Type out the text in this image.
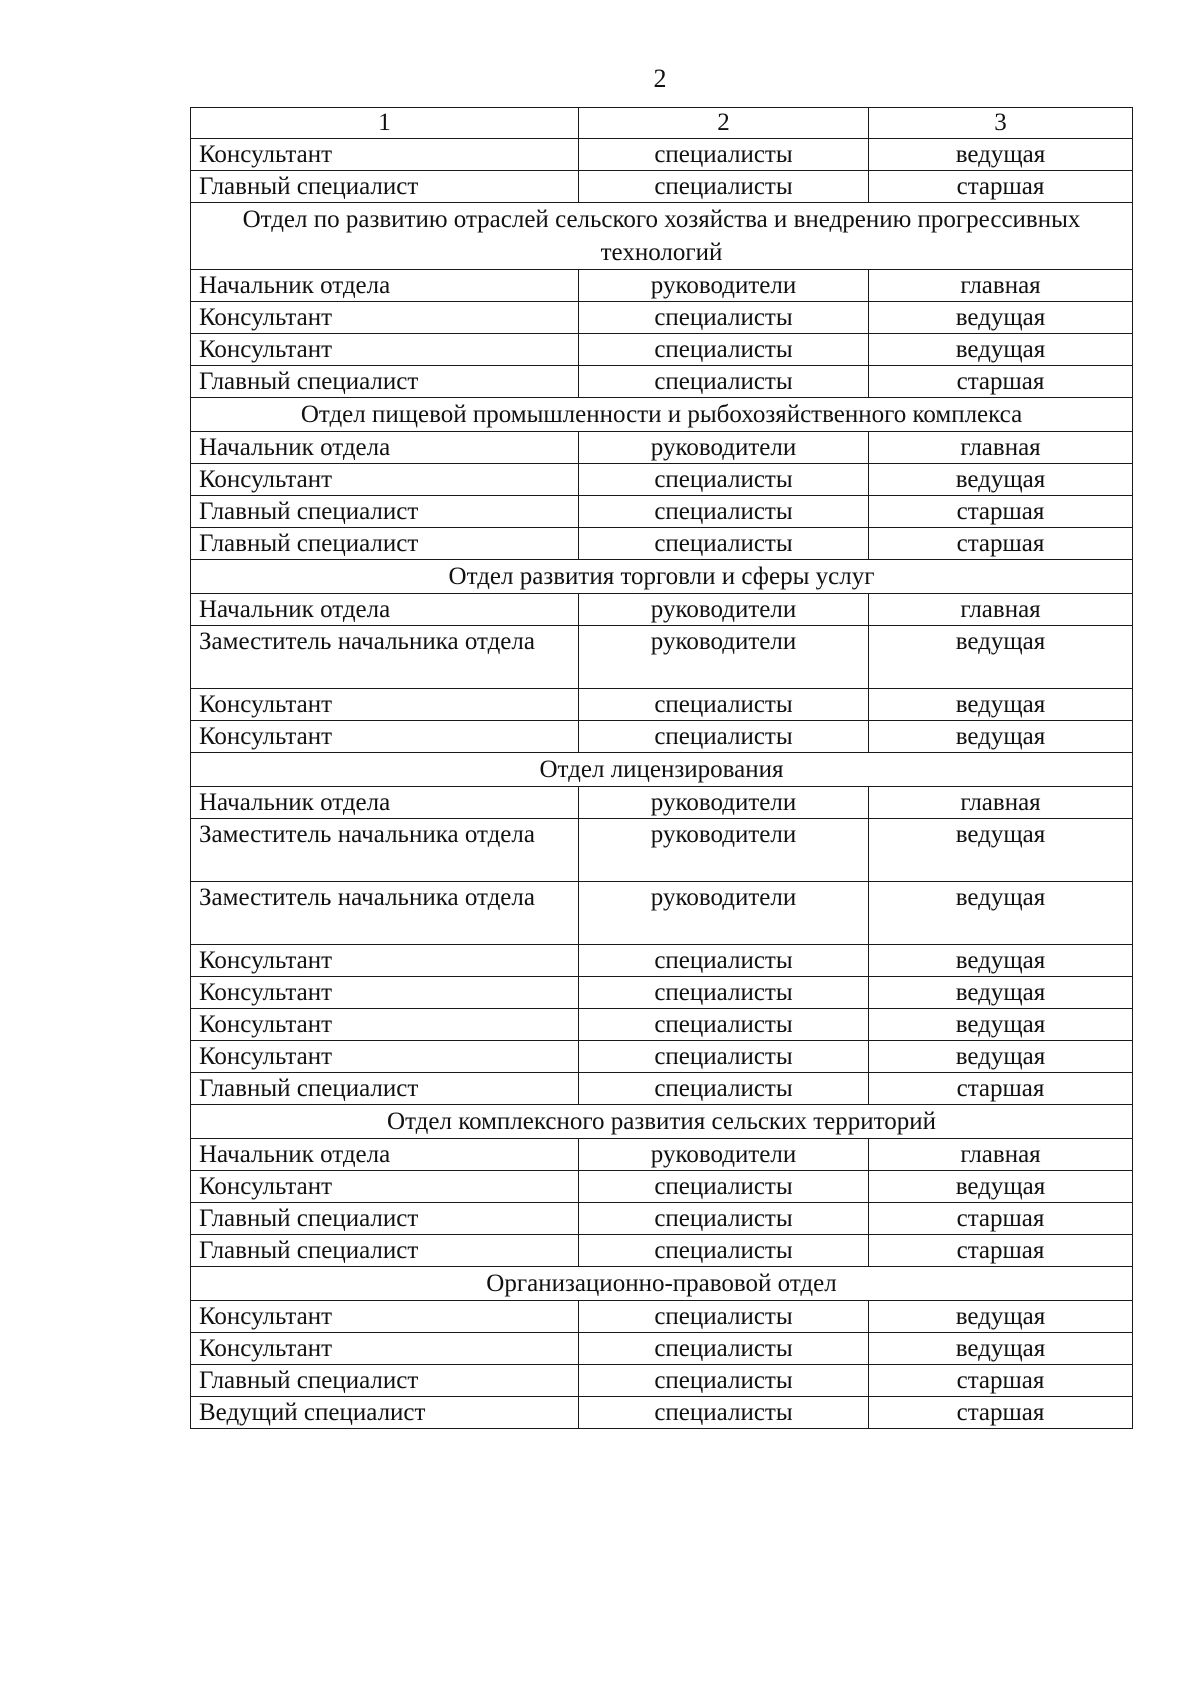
2
1	2	3
Консультант	специалисты	ведущая
Главный специалист	специалисты	старшая
Отдел по развитию отраслей сельского хозяйства и внедрению прогрессивных технологий		
Начальник отдела	руководители	главная
Консультант	специалисты	ведущая
Консультант	специалисты	ведущая
Главный специалист	специалисты	старшая
Отдел пищевой промышленности и рыбохозяйственного комплекса		
Начальник отдела	руководители	главная
Консультант	специалисты	ведущая
Главный специалист	специалисты	старшая
Главный специалист	специалисты	старшая
Отдел развития торговли и сферы услуг		
Начальник отдела	руководители	главная
Заместитель начальника отдела	руководители	ведущая
Консультант	специалисты	ведущая
Консультант	специалисты	ведущая
Отдел лицензирования		
Начальник отдела	руководители	главная
Заместитель начальника отдела	руководители	ведущая
Заместитель начальника отдела	руководители	ведущая
Консультант	специалисты	ведущая
Консультант	специалисты	ведущая
Консультант	специалисты	ведущая
Консультант	специалисты	ведущая
Главный специалист	специалисты	старшая
Отдел комплексного развития сельских территорий		
Начальник отдела	руководители	главная
Консультант	специалисты	ведущая
Главный специалист	специалисты	старшая
Главный специалист	специалисты	старшая
Организационно-правовой отдел		
Консультант	специалисты	ведущая
Консультант	специалисты	ведущая
Главный специалист	специалисты	старшая
Ведущий специалист	специалисты	старшая
